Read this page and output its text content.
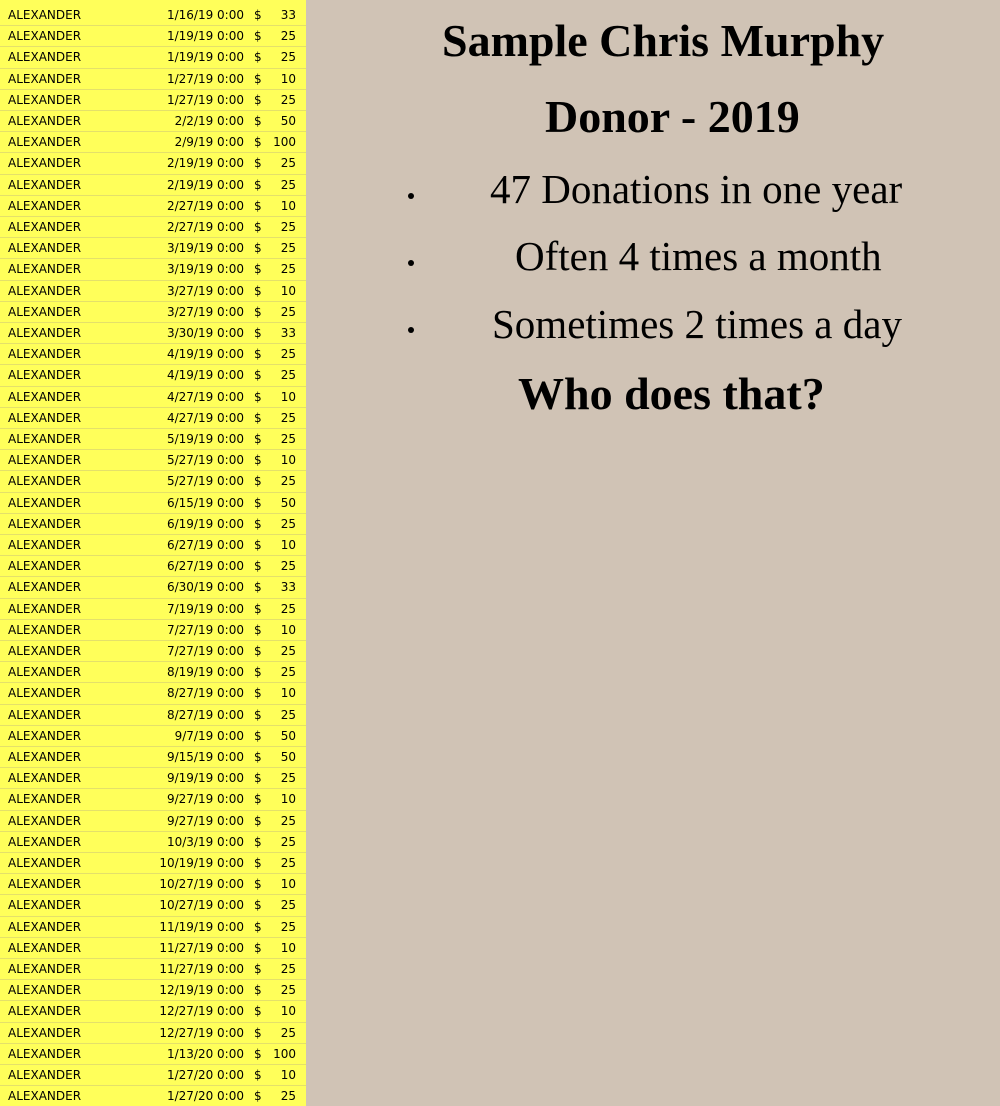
ALEXANDER	1/16/19 0:00 $ 33
ALEXANDER	1/19/19 0:00 $ 25
ALEXANDER	1/19/19 0:00 $ 25
ALEXANDER	1/27/19 0:00 $ 10
ALEXANDER	1/27/19 0:00 $ 25
ALEXANDER	2/2/19 0:00 $ 50
ALEXANDER	2/9/19 0:00 $ 100
ALEXANDER	2/19/19 0:00 $ 25
ALEXANDER	2/19/19 0:00 $ 25
ALEXANDER	2/27/19 0:00 $ 10
ALEXANDER	2/27/19 0:00 $ 25
ALEXANDER	3/19/19 0:00 $ 25
ALEXANDER	3/19/19 0:00 $ 25
ALEXANDER	3/27/19 0:00 $ 10
ALEXANDER	3/27/19 0:00 $ 25
ALEXANDER	3/30/19 0:00 $ 33
ALEXANDER	4/19/19 0:00 $ 25
ALEXANDER	4/19/19 0:00 $ 25
ALEXANDER	4/27/19 0:00 $ 10
ALEXANDER	4/27/19 0:00 $ 25
ALEXANDER	5/19/19 0:00 $ 25
ALEXANDER	5/27/19 0:00 $ 10
ALEXANDER	5/27/19 0:00 $ 25
ALEXANDER	6/15/19 0:00 $ 50
ALEXANDER	6/19/19 0:00 $ 25
ALEXANDER	6/27/19 0:00 $ 10
ALEXANDER	6/27/19 0:00 $ 25
ALEXANDER	6/30/19 0:00 $ 33
ALEXANDER	7/19/19 0:00 $ 25
ALEXANDER	7/27/19 0:00 $ 10
ALEXANDER	7/27/19 0:00 $ 25
ALEXANDER	8/19/19 0:00 $ 25
ALEXANDER	8/27/19 0:00 $ 10
ALEXANDER	8/27/19 0:00 $ 25
ALEXANDER	9/7/19 0:00 $ 50
ALEXANDER	9/15/19 0:00 $ 50
ALEXANDER	9/19/19 0:00 $ 25
ALEXANDER	9/27/19 0:00 $ 10
ALEXANDER	9/27/19 0:00 $ 25
ALEXANDER	10/3/19 0:00 $ 25
ALEXANDER	10/19/19 0:00 $ 25
ALEXANDER	10/27/19 0:00 $ 10
ALEXANDER	10/27/19 0:00 $ 25
ALEXANDER	11/19/19 0:00 $ 25
ALEXANDER	11/27/19 0:00 $ 10
ALEXANDER	11/27/19 0:00 $ 25
ALEXANDER	12/19/19 0:00 $ 25
ALEXANDER	12/27/19 0:00 $ 10
ALEXANDER	12/27/19 0:00 $ 25
ALEXANDER	1/13/20 0:00 $ 100
ALEXANDER	1/27/20 0:00 $ 10
ALEXANDER	1/27/20 0:00 $ 25
Sample Chris Murphy
Donor - 2019
47 Donations in one year
Often 4 times a month
Sometimes 2 times a day
Who does that?
